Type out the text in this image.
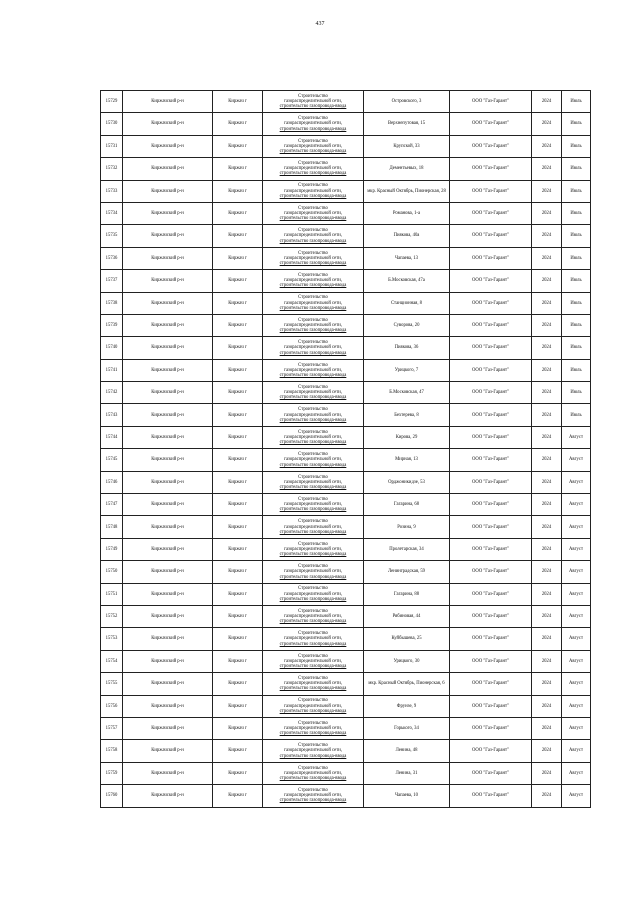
437
15729	Киржачский р-н	Киржач г	Строительство
газораспределительной сети,
строительство газопровода-ввода	Островского, 3	ООО "Газ-Гарант"	2024	Июль
15730	Киржачский р-н	Киржач г	Строительство
газораспределительной сети,
строительство газопровода-ввода	Верхнепутовая, 15	ООО "Газ-Гарант"	2024	Июль
15731	Киржачский р-н	Киржач г	Строительство
газораспределительной сети,
строительство газопровода-ввода	Крупской, 33	ООО "Газ-Гарант"	2024	Июль
15732	Киржачский р-н	Киржач г	Строительство
газораспределительной сети,
строительство газопровода-ввода	Дементьевых, 18	ООО "Газ-Гарант"	2024	Июль
15733	Киржачский р-н	Киржач г	Строительство
газораспределительной сети,
строительство газопровода-ввода	мкр. Красный Октябрь, Пионерская, 28	ООО "Газ-Гарант"	2024	Июль
15734	Киржачский р-н	Киржач г	Строительство
газораспределительной сети,
строительство газопровода-ввода	Романова, 1-а	ООО "Газ-Гарант"	2024	Июль
15735	Киржачский р-н	Киржач г	Строительство
газораспределительной сети,
строительство газопровода-ввода	Пиякова, 40а	ООО "Газ-Гарант"	2024	Июль
15736	Киржачский р-н	Киржач г	Строительство
газораспределительной сети,
строительство газопровода-ввода	Чапаева, 13	ООО "Газ-Гарант"	2024	Июль
15737	Киржачский р-н	Киржач г	Строительство
газораспределительной сети,
строительство газопровода-ввода	Б.Московская, 47а	ООО "Газ-Гарант"	2024	Июль
15738	Киржачский р-н	Киржач г	Строительство
газораспределительной сети,
строительство газопровода-ввода	Станционная, 8	ООО "Газ-Гарант"	2024	Июль
15739	Киржачский р-н	Киржач г	Строительство
газораспределительной сети,
строительство газопровода-ввода	Суворова, 20	ООО "Газ-Гарант"	2024	Июль
15740	Киржачский р-н	Киржач г	Строительство
газораспределительной сети,
строительство газопровода-ввода	Пиякова, 36	ООО "Газ-Гарант"	2024	Июль
15741	Киржачский р-н	Киржач г	Строительство
газораспределительной сети,
строительство газопровода-ввода	Урицкого, 7	ООО "Газ-Гарант"	2024	Июль
15742	Киржачский р-н	Киржач г	Строительство
газораспределительной сети,
строительство газопровода-ввода	Б.Московская, 47	ООО "Газ-Гарант"	2024	Июль
15743	Киржачский р-н	Киржач г	Строительство
газораспределительной сети,
строительство газопровода-ввода	Бехтерева, 8	ООО "Газ-Гарант"	2024	Июль
15744	Киржачский р-н	Киржач г	Строительство
газораспределительной сети,
строительство газопровода-ввода	Кирова, 29	ООО "Газ-Гарант"	2024	Август
15745	Киржачский р-н	Киржач г	Строительство
газораспределительной сети,
строительство газопровода-ввода	Мирная, 13	ООО "Газ-Гарант"	2024	Август
15746	Киржачский р-н	Киржач г	Строительство
газораспределительной сети,
строительство газопровода-ввода	Орджоникидзе, 53	ООО "Газ-Гарант"	2024	Август
15747	Киржачский р-н	Киржач г	Строительство
газораспределительной сети,
строительство газопровода-ввода	Гагарина, 68	ООО "Газ-Гарант"	2024	Август
15748	Киржачский р-н	Киржач г	Строительство
газораспределительной сети,
строительство газопровода-ввода	Розина, 9	ООО "Газ-Гарант"	2024	Август
15749	Киржачский р-н	Киржач г	Строительство
газораспределительной сети,
строительство газопровода-ввода	Пролетарская, 34	ООО "Газ-Гарант"	2024	Август
15750	Киржачский р-н	Киржач г	Строительство
газораспределительной сети,
строительство газопровода-ввода	Ленинградская, 59	ООО "Газ-Гарант"	2024	Август
15751	Киржачский р-н	Киржач г	Строительство
газораспределительной сети,
строительство газопровода-ввода	Гагарина, 88	ООО "Газ-Гарант"	2024	Август
15752	Киржачский р-н	Киржач г	Строительство
газораспределительной сети,
строительство газопровода-ввода	Рябиновая, 44	ООО "Газ-Гарант"	2024	Август
15753	Киржачский р-н	Киржач г	Строительство
газораспределительной сети,
строительство газопровода-ввода	Куйбышева, 25	ООО "Газ-Гарант"	2024	Август
15754	Киржачский р-н	Киржач г	Строительство
газораспределительной сети,
строительство газопровода-ввода	Урицкого, 30	ООО "Газ-Гарант"	2024	Август
15755	Киржачский р-н	Киржач г	Строительство
газораспределительной сети,
строительство газопровода-ввода	мкр. Красный Октябрь, Пионерская, 6	ООО "Газ-Гарант"	2024	Август
15756	Киржачский р-н	Киржач г	Строительство
газораспределительной сети,
строительство газопровода-ввода	Фрунзе, 9	ООО "Газ-Гарант"	2024	Август
15757	Киржачский р-н	Киржач г	Строительство
газораспределительной сети,
строительство газопровода-ввода	Горького, 34	ООО "Газ-Гарант"	2024	Август
15758	Киржачский р-н	Киржач г	Строительство
газораспределительной сети,
строительство газопровода-ввода	Ленина, 48	ООО "Газ-Гарант"	2024	Август
15759	Киржачский р-н	Киржач г	Строительство
газораспределительной сети,
строительство газопровода-ввода	Ленина, 31	ООО "Газ-Гарант"	2024	Август
15760	Киржачский р-н	Киржач г	Строительство
газораспределительной сети,
строительство газопровода-ввода	Чапаева, 10	ООО "Газ-Гарант"	2024	Август
